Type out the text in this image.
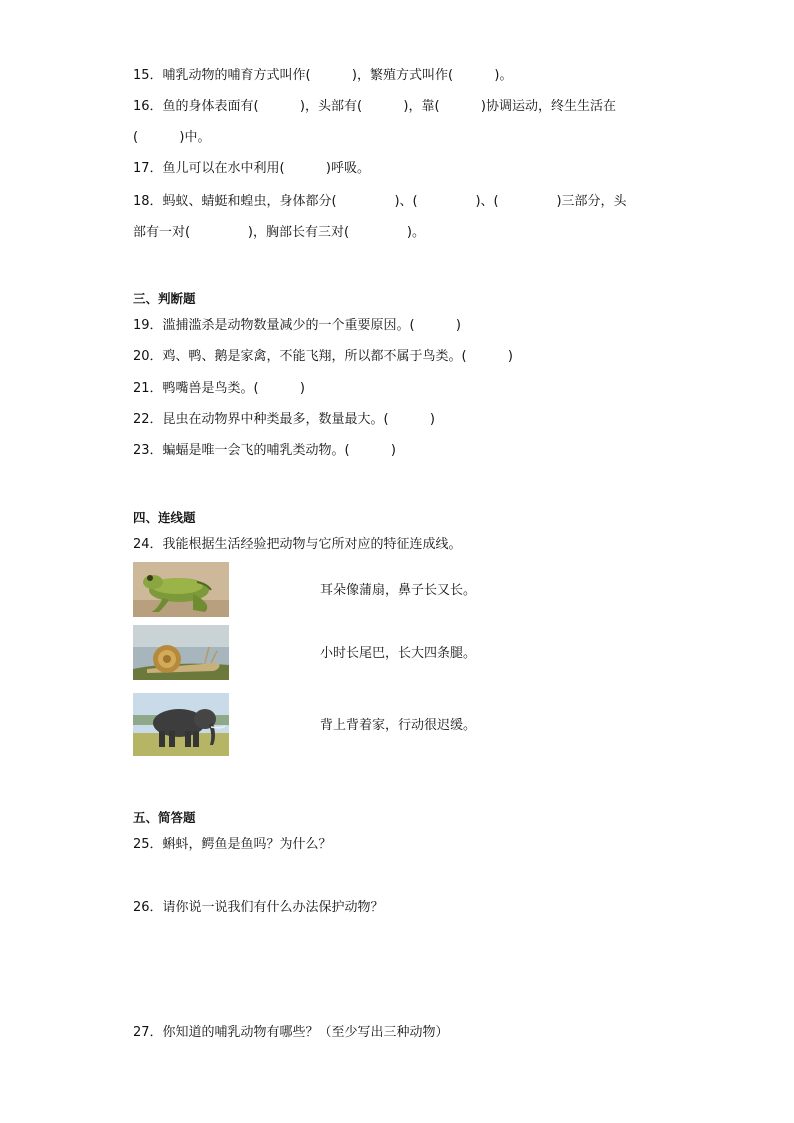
15．哺乳动物的哺育方式叫作(          )，繁殖方式叫作(          )。
16．鱼的身体表面有(          )，头部有(          )，靠(          )协调运动，终生生活在
(          )中。
17．鱼儿可以在水中利用(          )呼吸。
18．蚂蚁、蜻蜓和蝗虫，身体都分(              )、(              )、(              )三部分，头
部有一对(              )，胸部长有三对(              )。
三、判断题
19．滥捕滥杀是动物数量减少的一个重要原因。(          )
20．鸡、鸭、鹅是家禽，不能飞翔，所以都不属于鸟类。(          )
21．鸭嘴兽是鸟类。(          )
22．昆虫在动物界中种类最多，数量最大。(          )
23．蝙蝠是唯一会飞的哺乳类动物。(          )
四、连线题
24．我能根据生活经验把动物与它所对应的特征连成线。
耳朵像蒲扇，鼻子长又长。
小时长尾巴，长大四条腿。
背上背着家，行动很迟缓。
五、简答题
25．蝌蚪，鳄鱼是鱼吗？为什么？
26．请你说一说我们有什么办法保护动物？
27．你知道的哺乳动物有哪些？（至少写出三种动物）
